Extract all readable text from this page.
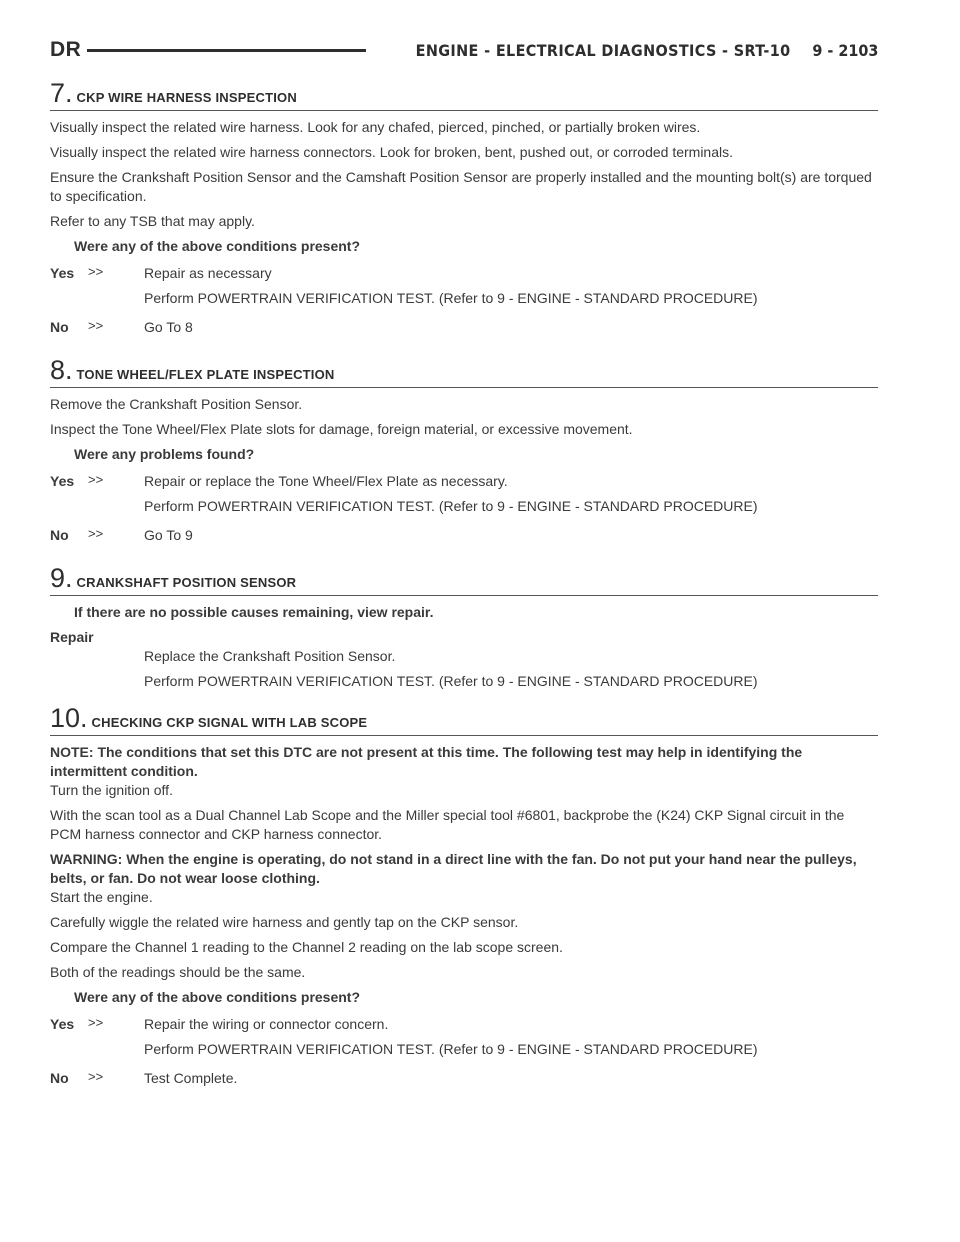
DR	ENGINE - ELECTRICAL DIAGNOSTICS - SRT-10 9 - 2103
7. CKP WIRE HARNESS INSPECTION

Visually inspect the related wire harness. Look for any chafed, pierced, pinched, or partially broken wires.

Visually inspect the related wire harness connectors. Look for broken, bent, pushed out, or corroded terminals.

Ensure the Crankshaft Position Sensor and the Camshaft Position Sensor are properly installed and the mounting bolt(s) are torqued to specification.

Refer to any TSB that may apply.

Were any of the above conditions present?

Yes >>	Repair as necessary
Perform POWERTRAIN VERIFICATION TEST. (Refer to 9 - ENGINE - STANDARD PROCEDURE)
No >>	Go To 8
8. TONE WHEEL/FLEX PLATE INSPECTION

Remove the Crankshaft Position Sensor.

Inspect the Tone Wheel/Flex Plate slots for damage, foreign material, or excessive movement.

Were any problems found?

Yes >>	Repair or replace the Tone Wheel/Flex Plate as necessary.
Perform POWERTRAIN VERIFICATION TEST. (Refer to 9 - ENGINE - STANDARD PROCEDURE)
No >>	Go To 9
9. CRANKSHAFT POSITION SENSOR

If there are no possible causes remaining, view repair.

Repair

Replace the Crankshaft Position Sensor.
Perform POWERTRAIN VERIFICATION TEST. (Refer to 9 - ENGINE - STANDARD PROCEDURE)
10. CHECKING CKP SIGNAL WITH LAB SCOPE

NOTE: The conditions that set this DTC are not present at this time. The following test may help in identifying the intermittent condition.

Turn the ignition off.

With the scan tool as a Dual Channel Lab Scope and the Miller special tool #6801, backprobe the (K24) CKP Signal circuit in the PCM harness connector and CKP harness connector.

WARNING: When the engine is operating, do not stand in a direct line with the fan. Do not put your hand near the pulleys, belts, or fan. Do not wear loose clothing.

Start the engine.

Carefully wiggle the related wire harness and gently tap on the CKP sensor.

Compare the Channel 1 reading to the Channel 2 reading on the lab scope screen.

Both of the readings should be the same.

Were any of the above conditions present?

Yes >>	Repair the wiring or connector concern.
Perform POWERTRAIN VERIFICATION TEST. (Refer to 9 - ENGINE - STANDARD PROCEDURE)
No >>	Test Complete.
